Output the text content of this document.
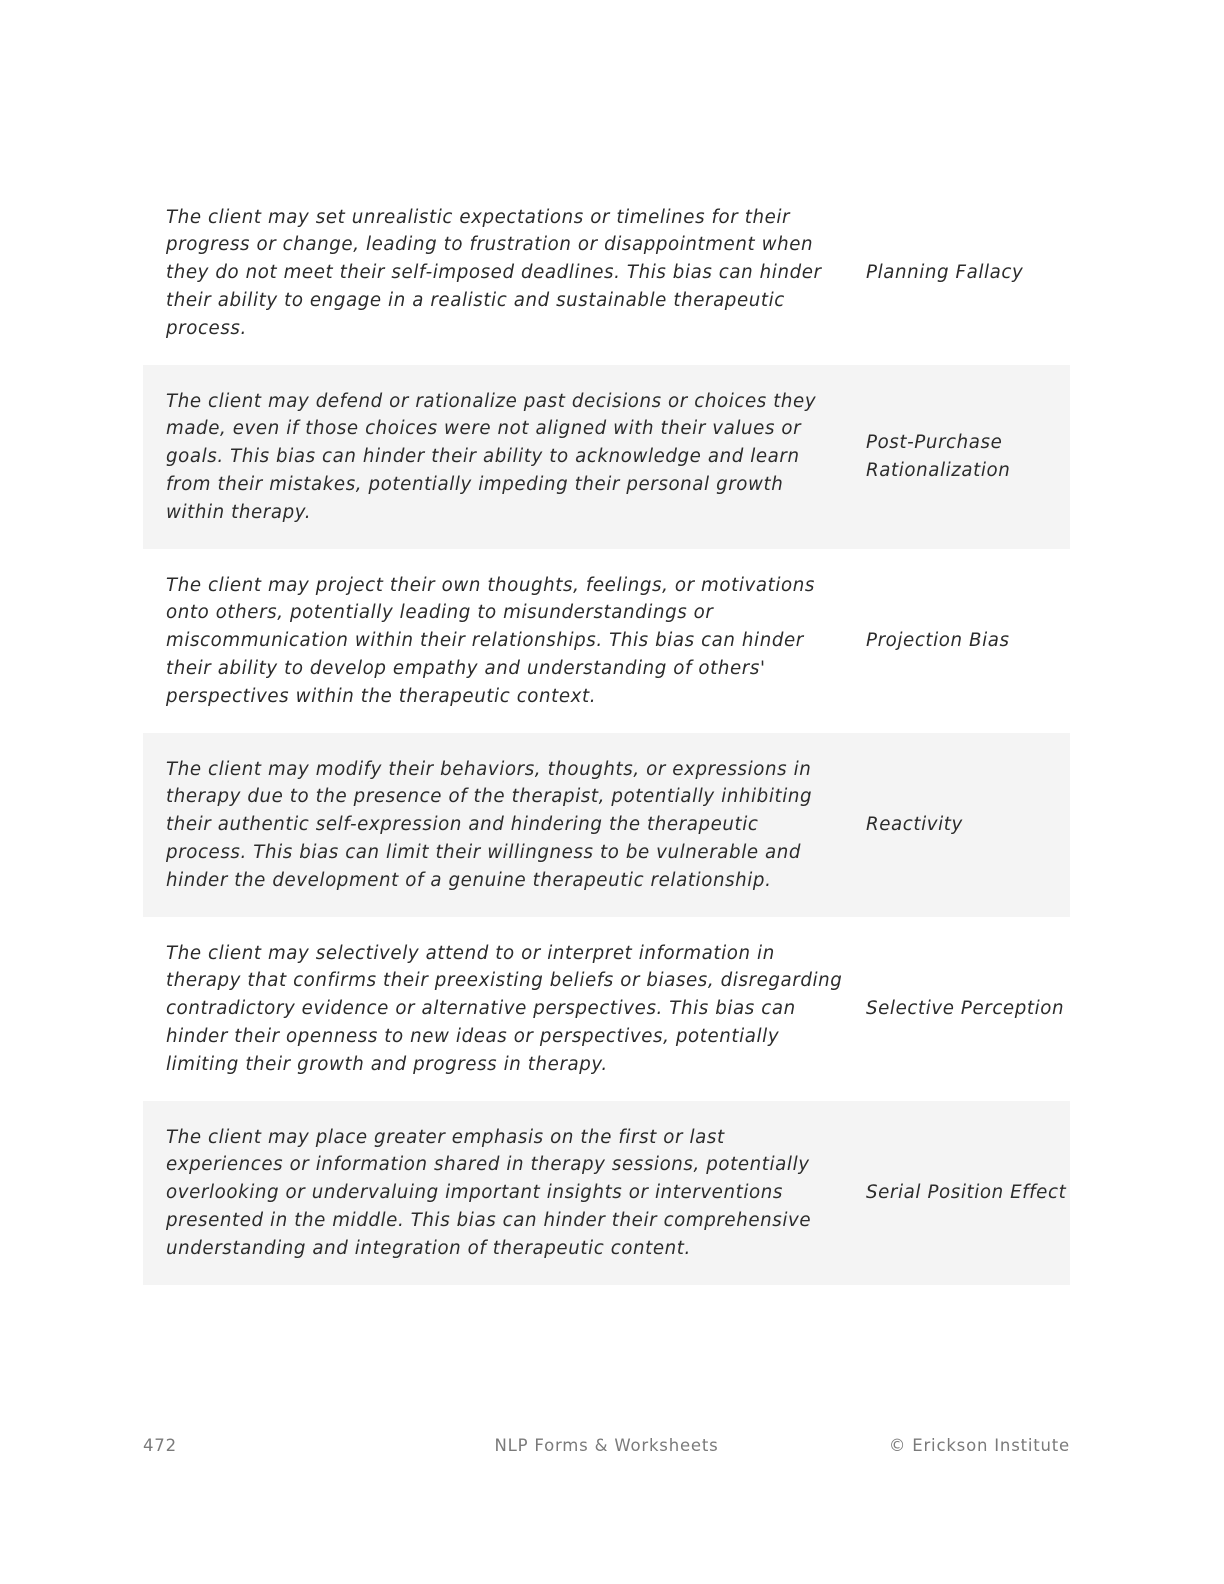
The client may set unrealistic expectations or timelines for their progress or change, leading to frustration or disappointment when they do not meet their self-imposed deadlines. This bias can hinder their ability to engage in a realistic and sustainable therapeutic process.
Planning Fallacy
The client may defend or rationalize past decisions or choices they made, even if those choices were not aligned with their values or goals. This bias can hinder their ability to acknowledge and learn from their mistakes, potentially impeding their personal growth within therapy.
Post-Purchase Rationalization
The client may project their own thoughts, feelings, or motivations onto others, potentially leading to misunderstandings or miscommunication within their relationships. This bias can hinder their ability to develop empathy and understanding of others' perspectives within the therapeutic context.
Projection Bias
The client may modify their behaviors, thoughts, or expressions in therapy due to the presence of the therapist, potentially inhibiting their authentic self-expression and hindering the therapeutic process. This bias can limit their willingness to be vulnerable and hinder the development of a genuine therapeutic relationship.
Reactivity
The client may selectively attend to or interpret information in therapy that confirms their preexisting beliefs or biases, disregarding contradictory evidence or alternative perspectives. This bias can hinder their openness to new ideas or perspectives, potentially limiting their growth and progress in therapy.
Selective Perception
The client may place greater emphasis on the first or last experiences or information shared in therapy sessions, potentially overlooking or undervaluing important insights or interventions presented in the middle. This bias can hinder their comprehensive understanding and integration of therapeutic content.
Serial Position Effect
472	NLP Forms & Worksheets	© Erickson Institute
